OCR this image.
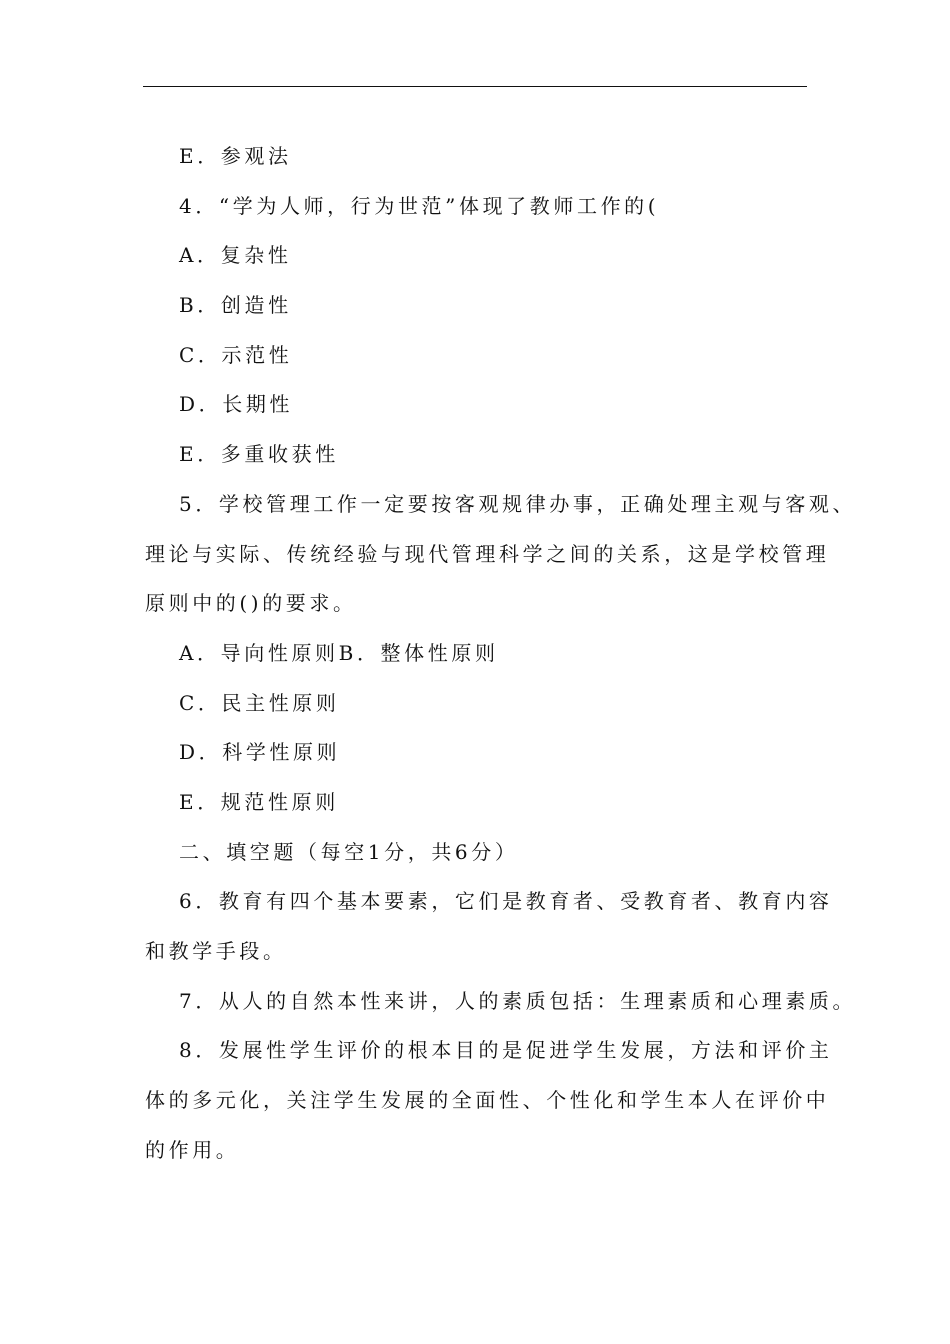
E．参观法
4．“学为人师，行为世范”体现了教师工作的(
A．复杂性
B．创造性
C．示范性
D．长期性
E．多重收获性
5．学校管理工作一定要按客观规律办事，正确处理主观与客观、
理论与实际、传统经验与现代管理科学之间的关系，这是学校管理
原则中的()的要求。
A．导向性原则B．整体性原则
C．民主性原则
D．科学性原则
E．规范性原则
二、填空题（每空1分，共6分）
6．教育有四个基本要素，它们是教育者、受教育者、教育内容
和教学手段。
7．从人的自然本性来讲，人的素质包括：生理素质和心理素质。
8．发展性学生评价的根本目的是促进学生发展，方法和评价主
体的多元化，关注学生发展的全面性、个性化和学生本人在评价中
的作用。
